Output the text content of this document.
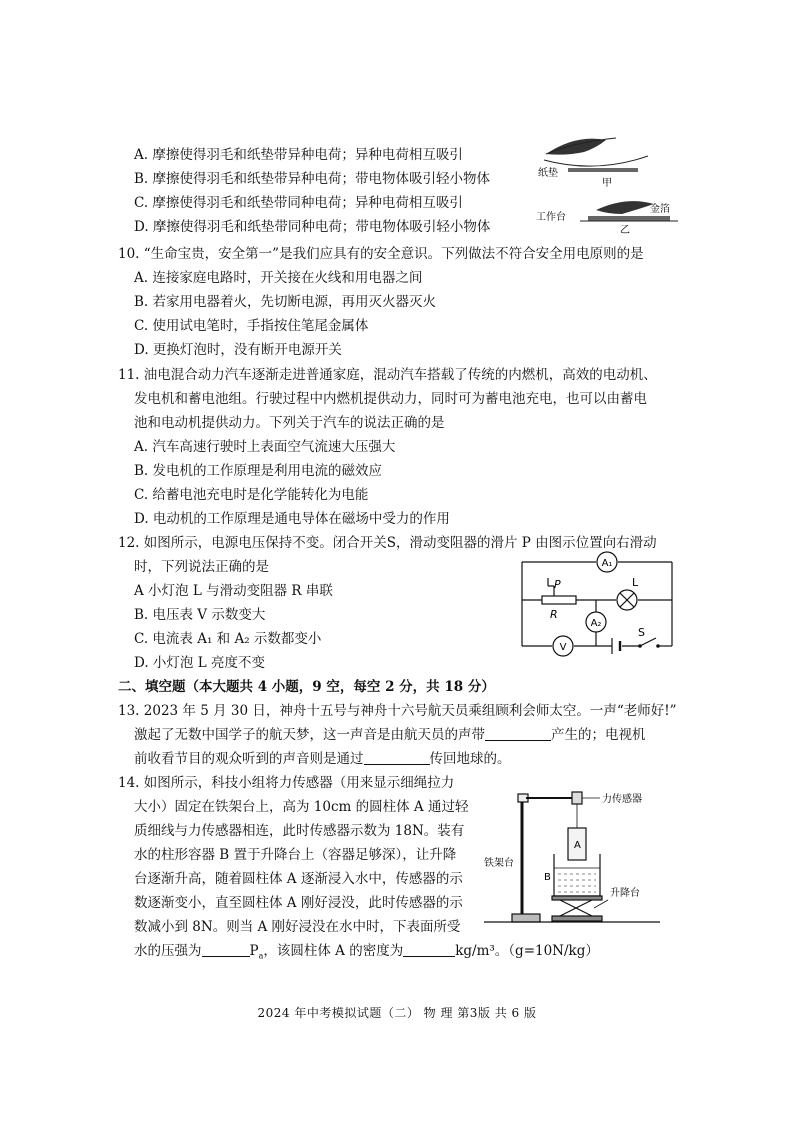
A. 摩擦使得羽毛和纸垫带异种电荷；异种电荷相互吸引
B. 摩擦使得羽毛和纸垫带异种电荷；带电物体吸引轻小物体
C. 摩擦使得羽毛和纸垫带同种电荷；异种电荷相互吸引
D. 摩擦使得羽毛和纸垫带同种电荷；带电物体吸引轻小物体
纸垫
甲
工作台
金箔
乙
10. “生命宝贵，安全第一”是我们应具有的安全意识。下列做法不符合安全用电原则的是
A. 连接家庭电路时，开关接在火线和用电器之间
B. 若家用电器着火，先切断电源，再用灭火器灭火
C. 使用试电笔时，手指按住笔尾金属体
D. 更换灯泡时，没有断开电源开关
11. 油电混合动力汽车逐渐走进普通家庭，混动汽车搭载了传统的内燃机，高效的电动机、
发电机和蓄电池组。行驶过程中内燃机提供动力，同时可为蓄电池充电，也可以由蓄电
池和电动机提供动力。下列关于汽车的说法正确的是
A. 汽车高速行驶时上表面空气流速大压强大
B. 发电机的工作原理是利用电流的磁效应
C. 给蓄电池充电时是化学能转化为电能
D. 电动机的工作原理是通电导体在磁场中受力的作用
12. 如图所示，电源电压保持不变。闭合开关S，滑动变阻器的滑片 P 由图示位置向右滑动
时，下列说法正确的是
A 小灯泡 L 与滑动变阻器 R 串联
B. 电压表 V 示数变大
C. 电流表 A₁ 和 A₂ 示数都变小
D. 小灯泡 L 亮度不变
A₁
A₂
V
P
R
L
S
二、填空题（本大题共 4 小题，9 空，每空 2 分，共 18 分）
13. 2023 年 5 月 30 日，神舟十五号与神舟十六号航天员乘组顾利会师太空。一声“老师好!”
激起了无数中国学子的航天梦，这一声音是由航天员的声带	产生的；电视机
前收看节目的观众听到的声音则是通过	传回地球的。
14. 如图所示，科技小组将力传感器（用来显示细绳拉力
大小）固定在铁架台上，高为 10cm 的圆柱体 A 通过轻
质细线与力传感器相连，此时传感器示数为 18N。装有
水的柱形容器 B 置于升降台上（容器足够深），让升降
台逐渐升高，随着圆柱体 A 逐渐浸入水中，传感器的示
数逐渐变小，直至圆柱体 A 刚好浸没，此时传感器的示
数减小到 8N。则当 A 刚好浸没在水中时，下表面所受
水的压强为	$P_a$，该圆柱体 A 的密度为	kg/m³。（g=10N/kg）
力传感器
A
B
铁架台
升降台
2024 年中考模拟试题（二） 物 理 第3版 共 6 版
